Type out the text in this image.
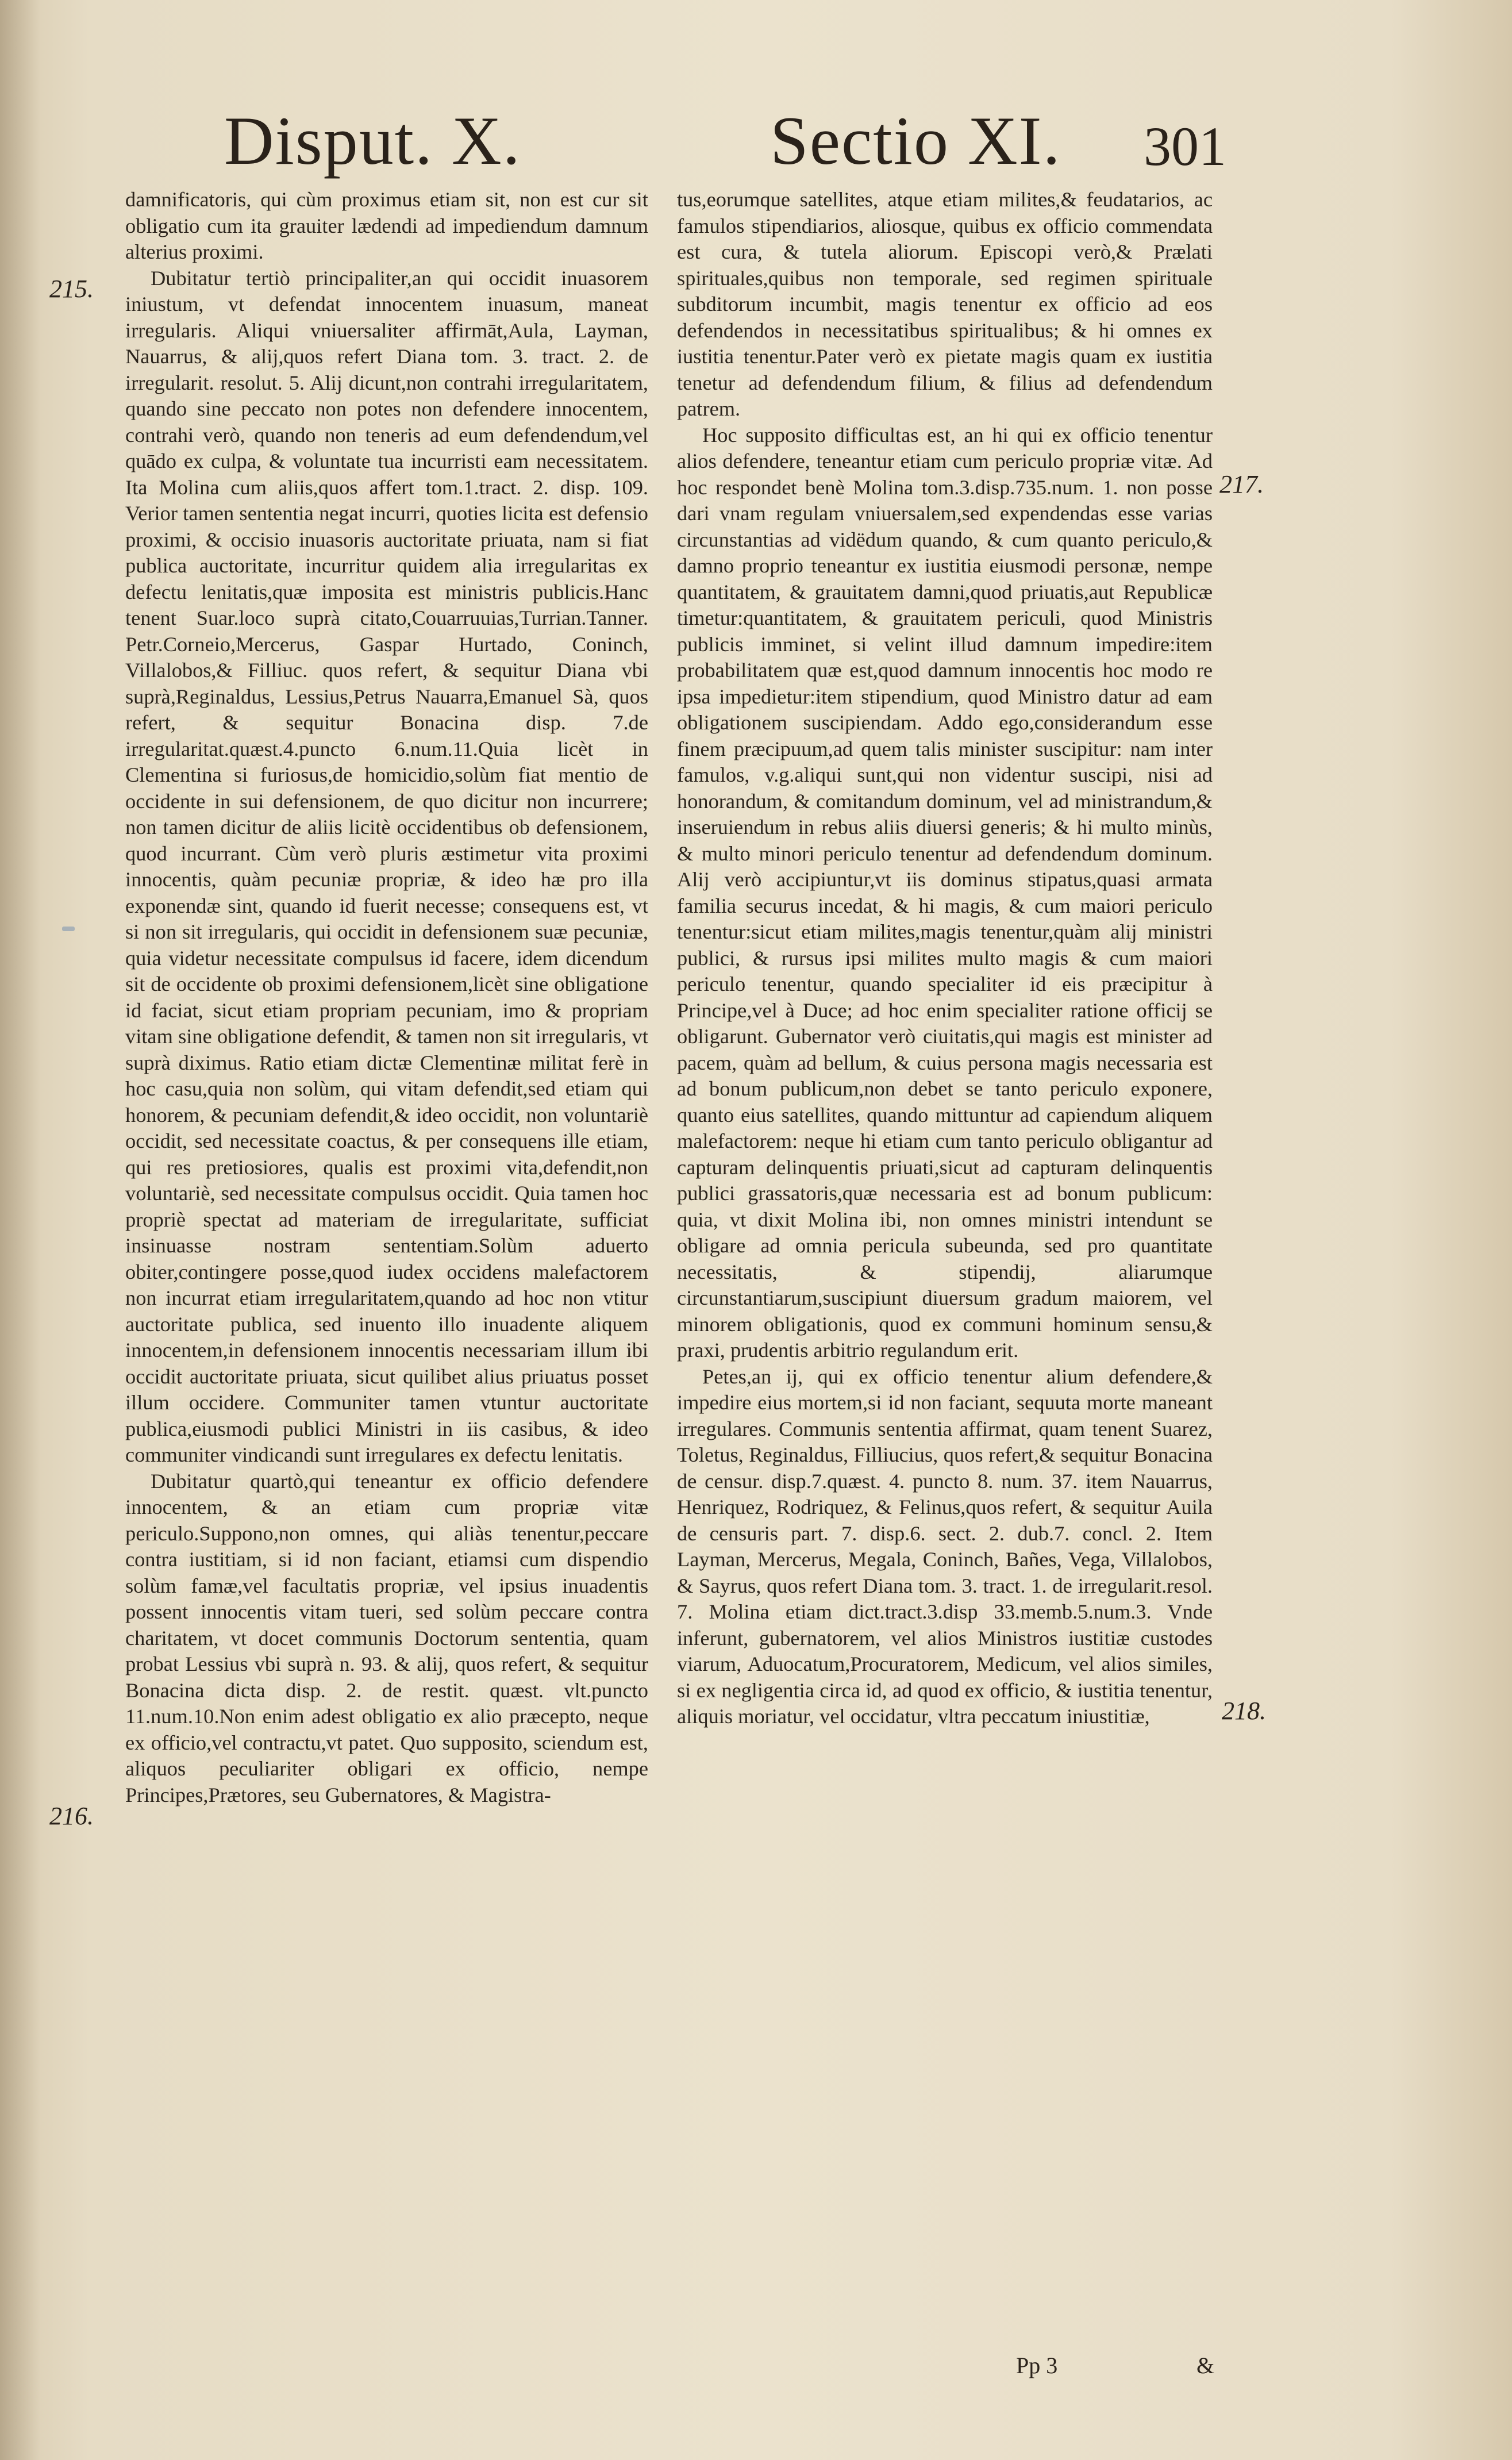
Disput. X.	Sectio XI. 301
215.
216.
217.
218.

damnificatoris, qui cùm proximus etiam sit, non est cur sit obligatio cum ita grauiter lædendi ad impediendum damnum alterius proximi.

Dubitatur tertiò principaliter,an qui occidit inuasorem iniustum, vt defendat innocentem inuasum, maneat irregularis. Aliqui vniuersaliter affirmāt,Aula, Layman, Nauarrus, & alij,quos refert Diana tom. 3. tract. 2. de irregularit. resolut. 5. Alij dicunt,non contrahi irregularitatem, quando sine peccato non potes non defendere innocentem, contrahi verò, quando non teneris ad eum defendendum,vel quādo ex culpa, & voluntate tua incurristi eam necessitatem. Ita Molina cum aliis,quos affert tom.1.tract. 2. disp. 109. Verior tamen sententia negat incurri, quoties licita est defensio proximi, & occisio inuasoris auctoritate priuata, nam si fiat publica auctoritate, incurritur quidem alia irregularitas ex defectu lenitatis,quæ imposita est ministris publicis.Hanc tenent Suar.loco suprà citato,Couarruuias,Turrian.Tanner. Petr.Corneio,Mercerus, Gaspar Hurtado, Coninch, Villalobos,& Filliuc. quos refert, & sequitur Diana vbi suprà,Reginaldus, Lessius,Petrus Nauarra,Emanuel Sà, quos refert, & sequitur Bonacina disp. 7.de irregularitat.quæst.4.puncto 6.num.11.Quia licèt in Clementina si furiosus,de homicidio,solùm fiat mentio de occidente in sui defensionem, de quo dicitur non incurrere; non tamen dicitur de aliis licitè occidentibus ob defensionem, quod incurrant. Cùm verò pluris æstimetur vita proximi innocentis, quàm pecuniæ propriæ, & ideo hæ pro illa exponendæ sint, quando id fuerit necesse; consequens est, vt si non sit irregularis, qui occidit in defensionem suæ pecuniæ, quia videtur necessitate compulsus id facere, idem dicendum sit de occidente ob proximi defensionem,licèt sine obligatione id faciat, sicut etiam propriam pecuniam, imo & propriam vitam sine obligatione defendit, & tamen non sit irregularis, vt suprà diximus. Ratio etiam dictæ Clementinæ militat ferè in hoc casu,quia non solùm, qui vitam defendit,sed etiam qui honorem, & pecuniam defendit,& ideo occidit, non voluntariè occidit, sed necessitate coactus, & per consequens ille etiam, qui res pretiosiores, qualis est proximi vita,defendit,non voluntariè, sed necessitate compulsus occidit. Quia tamen hoc propriè spectat ad materiam de irregularitate, sufficiat insinuasse nostram sententiam.Solùm aduerto obiter,contingere posse,quod iudex occidens malefactorem non incurrat etiam irregularitatem,quando ad hoc non vtitur auctoritate publica, sed inuento illo inuadente aliquem innocentem,in defensionem innocentis necessariam illum ibi occidit auctoritate priuata, sicut quilibet alius priuatus posset illum occidere. Communiter tamen vtuntur auctoritate publica,eiusmodi publici Ministri in iis casibus, & ideo communiter vindicandi sunt irregulares ex defectu lenitatis.

Dubitatur quartò,qui teneantur ex officio defendere innocentem, & an etiam cum propriæ vitæ periculo.Suppono,non omnes, qui aliàs tenentur,peccare contra iustitiam, si id non faciant, etiamsi cum dispendio solùm famæ,vel facultatis propriæ, vel ipsius inuadentis possent innocentis vitam tueri, sed solùm peccare contra charitatem, vt docet communis Doctorum sententia, quam probat Lessius vbi suprà n. 93. & alij, quos refert, & sequitur Bonacina dicta disp. 2. de restit. quæst. vlt.puncto 11.num.10.Non enim adest obligatio ex alio præcepto, neque ex officio,vel contractu,vt patet. Quo supposito, sciendum est, aliquos peculiariter obligari ex officio, nempe Principes,Prætores, seu Gubernatores, & Magistra-

tus,eorumque satellites, atque etiam milites,& feudatarios, ac famulos stipendiarios, aliosque, quibus ex officio commendata est cura, & tutela aliorum. Episcopi verò,& Prælati spirituales,quibus non temporale, sed regimen spirituale subditorum incumbit, magis tenentur ex officio ad eos defendendos in necessitatibus spiritualibus; & hi omnes ex iustitia tenentur.Pater verò ex pietate magis quam ex iustitia tenetur ad defendendum filium, & filius ad defendendum patrem.

Hoc supposito difficultas est, an hi qui ex officio tenentur alios defendere, teneantur etiam cum periculo propriæ vitæ. Ad hoc respondet benè Molina tom.3.disp.735.num. 1. non posse dari vnam regulam vniuersalem,sed expendendas esse varias circunstantias ad vidëdum quando, & cum quanto periculo,& damno proprio teneantur ex iustitia eiusmodi personæ, nempe quantitatem, & grauitatem damni,quod priuatis,aut Republicæ timetur:quantitatem, & grauitatem periculi, quod Ministris publicis imminet, si velint illud damnum impedire:item probabilitatem quæ est,quod damnum innocentis hoc modo re ipsa impedietur:item stipendium, quod Ministro datur ad eam obligationem suscipiendam. Addo ego,considerandum esse finem præcipuum,ad quem talis minister suscipitur: nam inter famulos, v.g.aliqui sunt,qui non videntur suscipi, nisi ad honorandum, & comitandum dominum, vel ad ministrandum,& inseruiendum in rebus aliis diuersi generis; & hi multo minùs, & multo minori periculo tenentur ad defendendum dominum. Alij verò accipiuntur,vt iis dominus stipatus,quasi armata familia securus incedat, & hi magis, & cum maiori periculo tenentur:sicut etiam milites,magis tenentur,quàm alij ministri publici, & rursus ipsi milites multo magis & cum maiori periculo tenentur, quando specialiter id eis præcipitur à Principe,vel à Duce; ad hoc enim specialiter ratione officij se obligarunt. Gubernator verò ciuitatis,qui magis est minister ad pacem, quàm ad bellum, & cuius persona magis necessaria est ad bonum publicum,non debet se tanto periculo exponere, quanto eius satellites, quando mittuntur ad capiendum aliquem malefactorem: neque hi etiam cum tanto periculo obligantur ad capturam delinquentis priuati,sicut ad capturam delinquentis publici grassatoris,quæ necessaria est ad bonum publicum: quia, vt dixit Molina ibi, non omnes ministri intendunt se obligare ad omnia pericula subeunda, sed pro quantitate necessitatis, & stipendij, aliarumque circunstantiarum,suscipiunt diuersum gradum maiorem, vel minorem obligationis, quod ex communi hominum sensu,& praxi, prudentis arbitrio regulandum erit.

Petes,an ij, qui ex officio tenentur alium defendere,& impedire eius mortem,si id non faciant, sequuta morte maneant irregulares. Communis sententia affirmat, quam tenent Suarez, Toletus, Reginaldus, Filliucius, quos refert,& sequitur Bonacina de censur. disp.7.quæst. 4. puncto 8. num. 37. item Nauarrus, Henriquez, Rodriquez, & Felinus,quos refert, & sequitur Auila de censuris part. 7. disp.6. sect. 2. dub.7. concl. 2. Item Layman, Mercerus, Megala, Coninch, Bañes, Vega, Villalobos, & Sayrus, quos refert Diana tom. 3. tract. 1. de irregularit.resol. 7. Molina etiam dict.tract.3.disp 33.memb.5.num.3. Vnde inferunt, gubernatorem, vel alios Ministros iustitiæ custodes viarum, Aduocatum,Procuratorem, Medicum, vel alios similes, si ex negligentia circa id, ad quod ex officio, & iustitia tenentur, aliquis moriatur, vel occidatur, vltra peccatum iniustitiæ,

Pp 3	&
